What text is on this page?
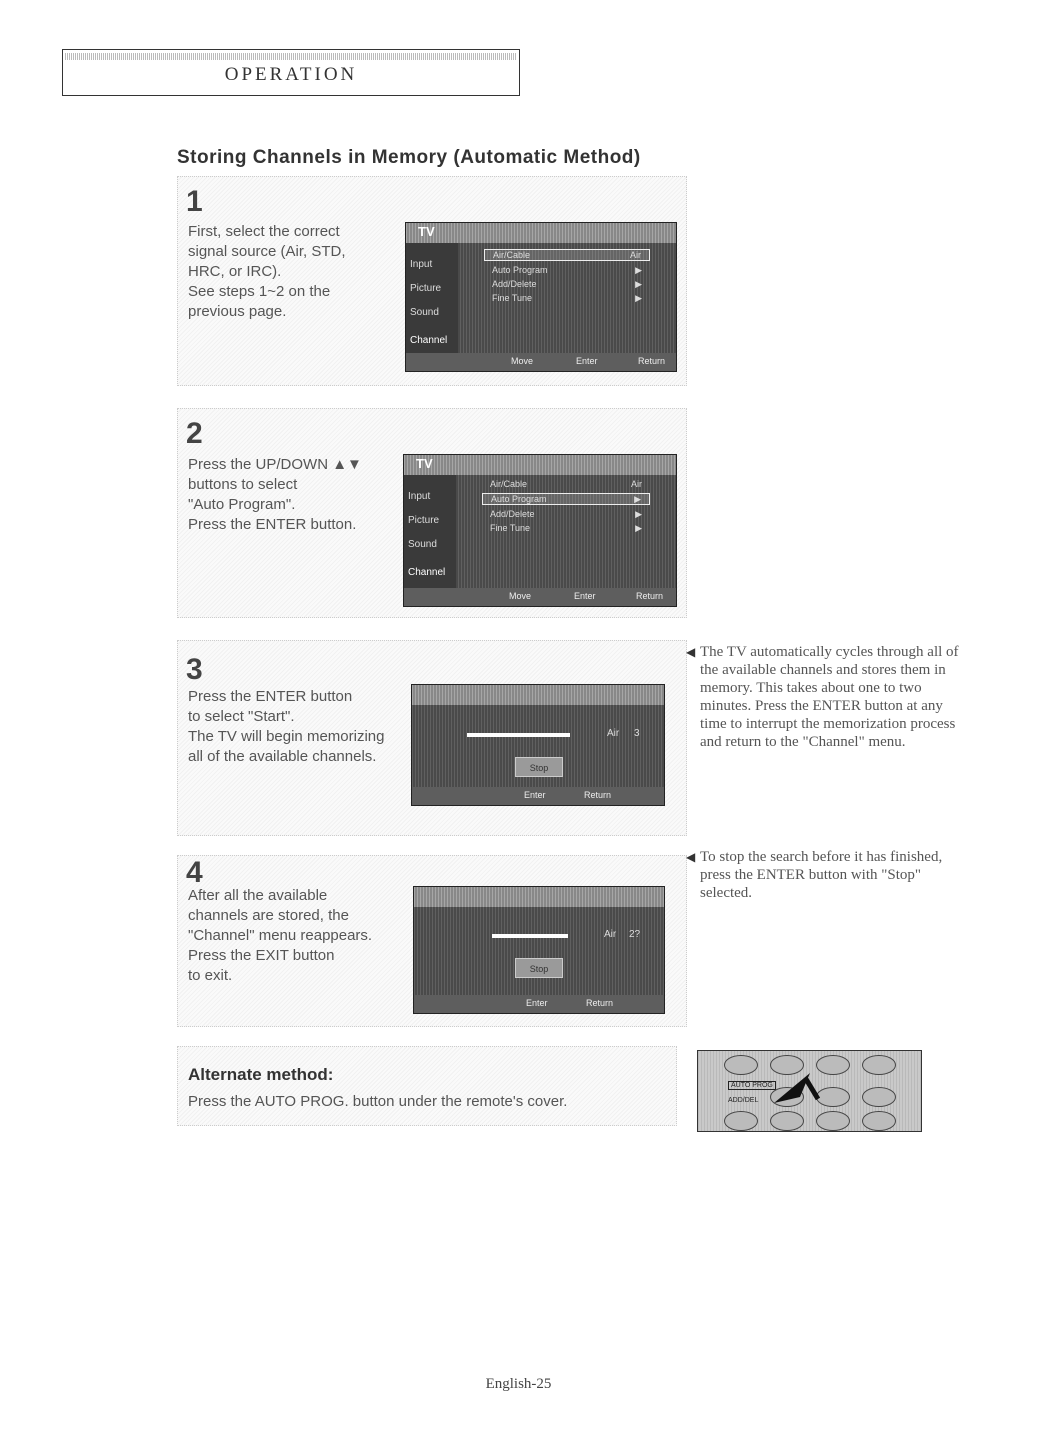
OPERATION
Storing Channels in Memory (Automatic Method)
1
First, select the correct
signal source (Air, STD,
HRC, or IRC).
See steps 1~2 on the
previous page.
TV
Input
Picture
Sound
Channel
Air/Cable	Air
Auto Program	▶
Add/Delete	▶
Fine Tune	▶
Move	Enter	Return
2
Press the UP/DOWN ▲▼
buttons to select
"Auto Program".
Press the ENTER button.
TV
Input
Picture
Sound
Channel
Air/Cable	Air
Auto Program	▶
Add/Delete	▶
Fine Tune	▶
Move	Enter	Return
3
Press the ENTER button
to select "Start".
The TV will begin memorizing
all of the available channels.
Air 3
Stop
Enter	Return
4
After all the available
channels are stored, the
"Channel" menu reappears.
Press the EXIT button
to exit.
Air 2?
Stop
Enter	Return
◀ The TV automatically cycles through all of the available channels and stores them in memory. This takes about one to two minutes. Press the ENTER button at any time to interrupt the memorization process and return to the "Channel" menu.
◀ To stop the search before it has finished, press the ENTER button with "Stop" selected.
Alternate method:
Press the AUTO PROG. button under the remote's cover.
AUTO PROG
ADD/DEL
English-25
